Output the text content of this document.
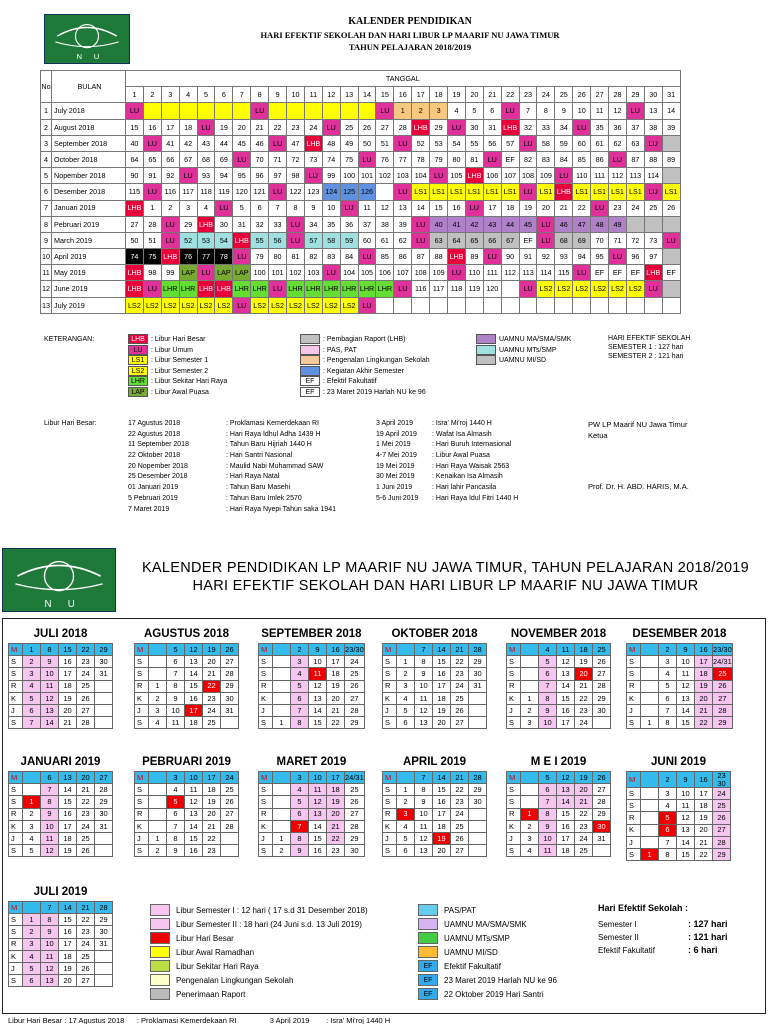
N U
KALENDER PENDIDIKAN
HARI EFEKTIF SEKOLAH DAN HARI LIBUR LP MAARIF NU JAWA TIMUR
TAHUN PELAJARAN 2018/2019
No	BULAN	TANGGAL																														
		1	2	3	4	5	6	7	8	9	10	11	12	13	14	15	16	17	18	19	20	21	22	23	24	25	26	27	28	29	30	31
1	July 2018	LU							LU							LU	1	2	3	4	5	6	LU	7	8	9	10	11	12	LU	13	14
2	August 2018	15	16	17	18	LU	19	20	21	22	23	24	LU	25	26	27	28	LHB	29	LU	30	31	LHB	32	33	34	LU	35	36	37	38	39
3	September 2018	40	LU	41	42	43	44	45	46	LU	47	LHB	48	49	50	51	LU	52	53	54	55	56	57	LU	58	59	60	61	62	63	LU	
4	October 2018	64	65	66	67	68	69	LU	70	71	72	73	74	75	LU	76	77	78	79	80	81	LU	EF	82	83	84	85	86	LU	87	88	89
5	Nopember 2018	90	91	92	LU	93	94	95	96	97	98	LU	99	100	101	102	103	104	LU	105	LHB	106	107	108	109	LU	110	111	112	113	114	
6	Desember 2018	115	LU	116	117	118	119	120	121	LU	122	123	124	125	126		LU	LS1	LS1	LS1	LS1	LS1	LS1	LU	LS1	LHB	LS1	LS1	LS1	LS1	LU	LS1
7	Januari 2019	LHB	1	2	3	4	LU	5	6	7	8	9	10	LU	11	12	13	14	15	16	LU	17	18	19	20	21	22	LU	23	24	25	26
8	Pebruari 2019	27	28	LU	29	LHB	30	31	32	33	LU	34	35	36	37	38	39	LU	40	41	42	43	44	45	LU	46	47	48	49			
9	March 2019	50	51	LU	52	53	54	LHB	55	56	LU	57	58	59	60	61	62	LU	63	64	65	66	67	EF	LU	68	69	70	71	72	73	LU
10	April 2019	74	75	LHB	76	77	78	LU	79	80	81	82	83	84	LU	85	86	87	88	LHB	89	LU	90	91	92	93	94	95	LU	96	97	
11	May 2019	LHB	98	99	LAP	LU	LAP	LAP	100	101	102	103	LU	104	105	106	107	108	109	LU	110	111	112	113	114	115	LU	EF	EF	EF	LHB	EF
12	June 2019	LHB	LU	LHR	LHR	LHB	LHB	LHR	LHR	LU	LHR	LHR	LHR	LHR	LHR	LHR	LU	116	117	118	119	120		LU	LS2	LS2	LS2	LS2	LS2	LS2	LU	
13	July 2019	LS2	LS2	LS2	LS2	LS2	LS2	LU	LS2	LS2	LS2	LS2	LS2	LS2	LU																	
KETERANGAN:	LHB : Libur Hari Besar
LU : Libur Umum
LS1 : Libur Semester 1
LS2 : Libur Semester 2
LHR : Libur Sekitar Hari Raya
LAP : Libur Awal Puasa
: Pembagian Raport (LHB)
: PAS, PAT
: Pengenalan Lingkungan Sekolah
: Kegiatan Akhir Semester
EF : Efektif Fakultatif
EF : 23 Maret 2019 Harlah NU ke 96
UAMNU MA/SMA/SMK
UAMNU MTs/SMP
UAMNU MI/SD
HARI EFEKTIF SEKOLAH
SEMESTER 1 : 127 hari
SEMESTER 2 : 121 hari
Libur Hari Besar:	17 Agustus 2018	: Proklamasi Kemerdekaan RI
22 Agustus 2018	: Hari Raya Idhul Adha 1439 H
11 September 2018	: Tahun Baru Hijriah 1440 H
22 Oktober 2018	: Hari Santri Nasional
20 Nopember 2018	: Maulid Nabi Muhammad SAW
25 Desember 2018	: Hari Raya Natal
01 Januari 2019	: Tahun Baru Masehi
5 Pebruari 2019	: Tahun Baru Imlek 2570
7 Maret 2019	: Hari Raya Nyepi Tahun saka 1941
3 April 2019	: Isra' Mi'roj 1440 H
19 April 2019 : Wafat Isa Almasih
1 Mei 2019	: Hari Buruh Internasional
4-7 Mei 2019 : Libur Awal Puasa
19 Mei 2019 : Hari Raya Waisak 2563
30 Mei 2019 : Kenaikan Isa Almasih
1 Juni 2019	: Hari lahir Pancasila
5-6 Juni 2019 : Hari Raya Idul Fitri 1440 H
PW LP Maarif NU Jawa Timur
Ketua
Prof. Dr. H. ABD. HARIS, M.A.
N U
KALENDER PENDIDIKAN LP MAARIF NU JAWA TIMUR, TAHUN PELAJARAN 2018/2019
HARI EFEKTIF SEKOLAH DAN HARI LIBUR LP MAARIF NU JAWA TIMUR
JULI 2018
M	1	8	15	22	29
S	2	9	16	23	30
S	3	10	17	24	31
R	4	11	18	25	
K	5	12	19	26	
J	6	13	20	27	
S	7	14	21	28	
AGUSTUS 2018
M		5	12	19	26
S		6	13	20	27
S		7	14	21	28
R	1	8	15	22	29
K	2	9	16	23	30
J	3	10	17	24	31
S	4	11	18	25	
SEPTEMBER 2018
M		2	9	16	23/30
S		3	10	17	24
S		4	11	18	25
R		5	12	19	26
K		6	13	20	27
J		7	14	21	28
S	1	8	15	22	29
OKTOBER 2018
M		7	14	21	28
S	1	8	15	22	29
S	2	9	16	23	30
R	3	10	17	24	31
K	4	11	18	25	
J	5	12	19	26	
S	6	13	20	27	
NOVEMBER 2018
M		4	11	18	25
S		5	12	19	26
S		6	13	20	27
R		7	14	21	28
K	1	8	15	22	29
J	2	9	16	23	30
S	3	10	17	24	
DESEMBER 2018
M		2	9	16	23/30
S		3	10	17	24/31
S		4	11	18	25
R		5	12	19	26
K		6	13	20	27
J		7	14	21	28
S	1	8	15	22	29
JANUARI 2019
M		6	13	20	27
S		7	14	21	28
S	1	8	15	22	29
R	2	9	16	23	30
K	3	10	17	24	31
J	4	11	18	25	
S	5	12	19	26	
PEBRUARI 2019
M		3	10	17	24
S		4	11	18	25
S		5	12	19	26
R		6	13	20	27
K		7	14	21	28
J	1	8	15	22	
S	2	9	16	23	
MARET 2019
M		3	10	17	24/31
S		4	11	18	25
S		5	12	19	26
R		6	13	20	27
K		7	14	21	28
J	1	8	15	22	29
S	2	9	16	23	30
APRIL 2019
M		7	14	21	28
S	1	8	15	22	29
S	2	9	16	23	30
R	3	10	17	24	
K	4	11	18	25	
J	5	12	19	26	
S	6	13	20	27	
M E I 2019
M		5	12	19	26
S		6	13	20	27
S		7	14	21	28
R	1	8	15	22	29
K	2	9	16	23	30
J	3	10	17	24	31
S	4	11	18	25	
JUNI 2019
M		2	9	16	23 30
S		3	10	17	24
S		4	11	18	25
R		5	12	19	26
K		6	13	20	27
J		7	14	21	28
S	1	8	15	22	29
JULI 2019
M		7	14	21	28
S	1	8	15	22	29
S	2	9	16	23	30
R	3	10	17	24	31
K	4	11	18	25	
J	5	12	19	26	
S	6	13	20	27	
Libur Semester I : 12 hari ( 17 s.d 31 Desember 2018)
Libur Semester II : 18 hari (24 Juni s.d. 13 Juli 2019)
Libur Hari Besar
Libur Awal Ramadhan
Libur Sekitar Hari Raya
Pengenalan Lingkungan Sekolah
Penerimaan Raport
PAS/PAT
UAMNU MA/SMA/SMK
UAMNU MTs/SMP
UAMNU MI/SD
EF	Efektif Fakultatif
EF	23 Maret 2019 Harlah NU ke 96
EF	22 Oktober 2019 Hari Santri
Hari Efektif Sekolah :
Semester I	: 127 hari
Semester II	: 121 hari
Efektif Fakultatif	: 6 hari
Libur Hari Besar : 17 Agustus 2018      : Proklamasi Kemerdekaan RI                3 April 2019        : Isra' Mi'roj 1440 H
